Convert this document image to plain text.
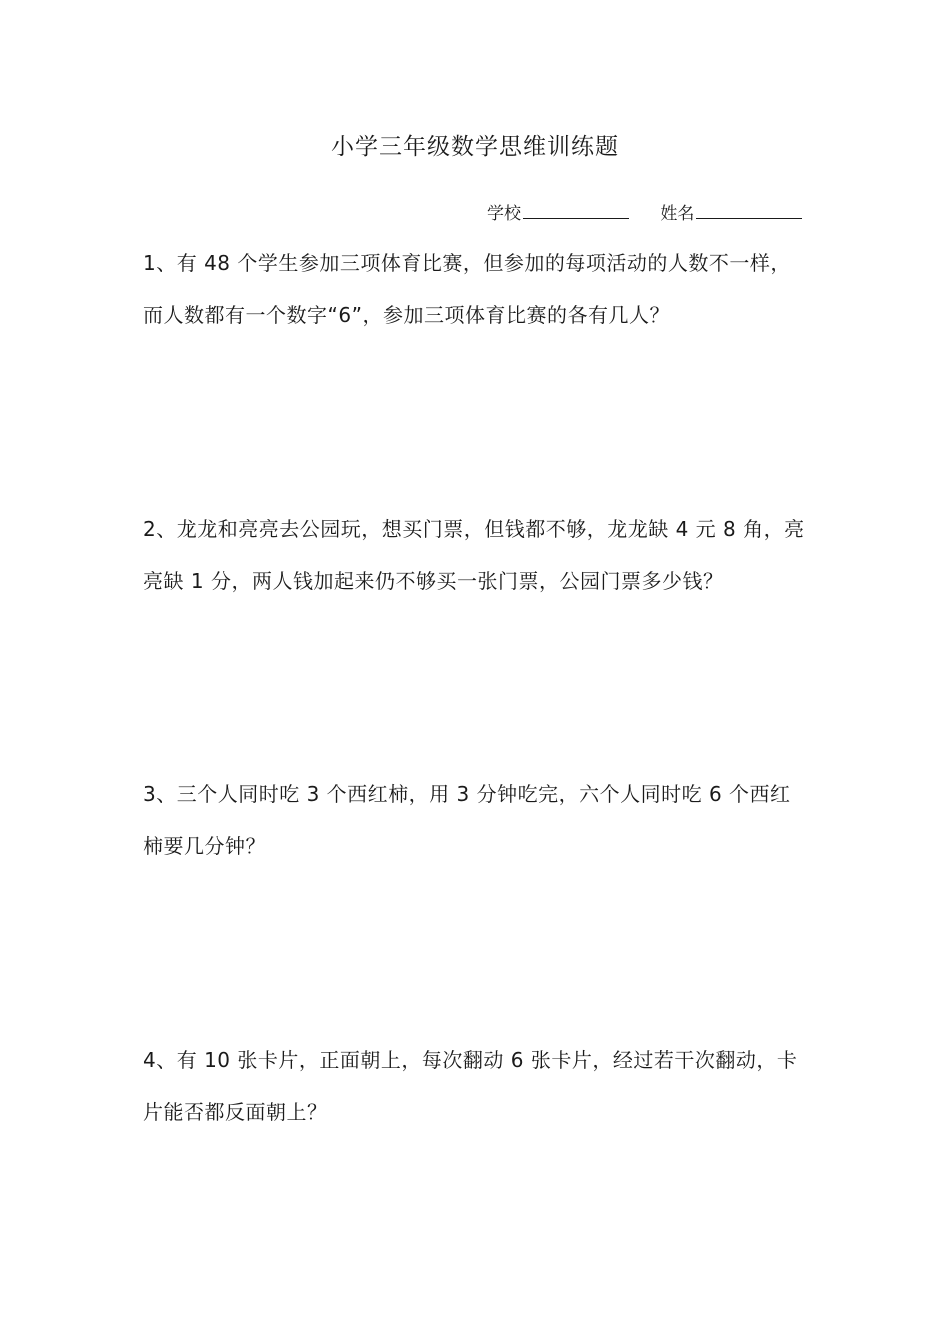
小学三年级数学思维训练题
学校	姓名
1、有 48 个学生参加三项体育比赛，但参加的每项活动的人数不一样，而人数都有一个数字“6”，参加三项体育比赛的各有几人？
2、龙龙和亮亮去公园玩，想买门票，但钱都不够，龙龙缺 4 元 8 角，亮亮缺 1 分，两人钱加起来仍不够买一张门票，公园门票多少钱？
3、三个人同时吃 3 个西红柿，用 3 分钟吃完，六个人同时吃 6 个西红柿要几分钟？
4、有 10 张卡片，正面朝上，每次翻动 6 张卡片，经过若干次翻动，卡片能否都反面朝上？
